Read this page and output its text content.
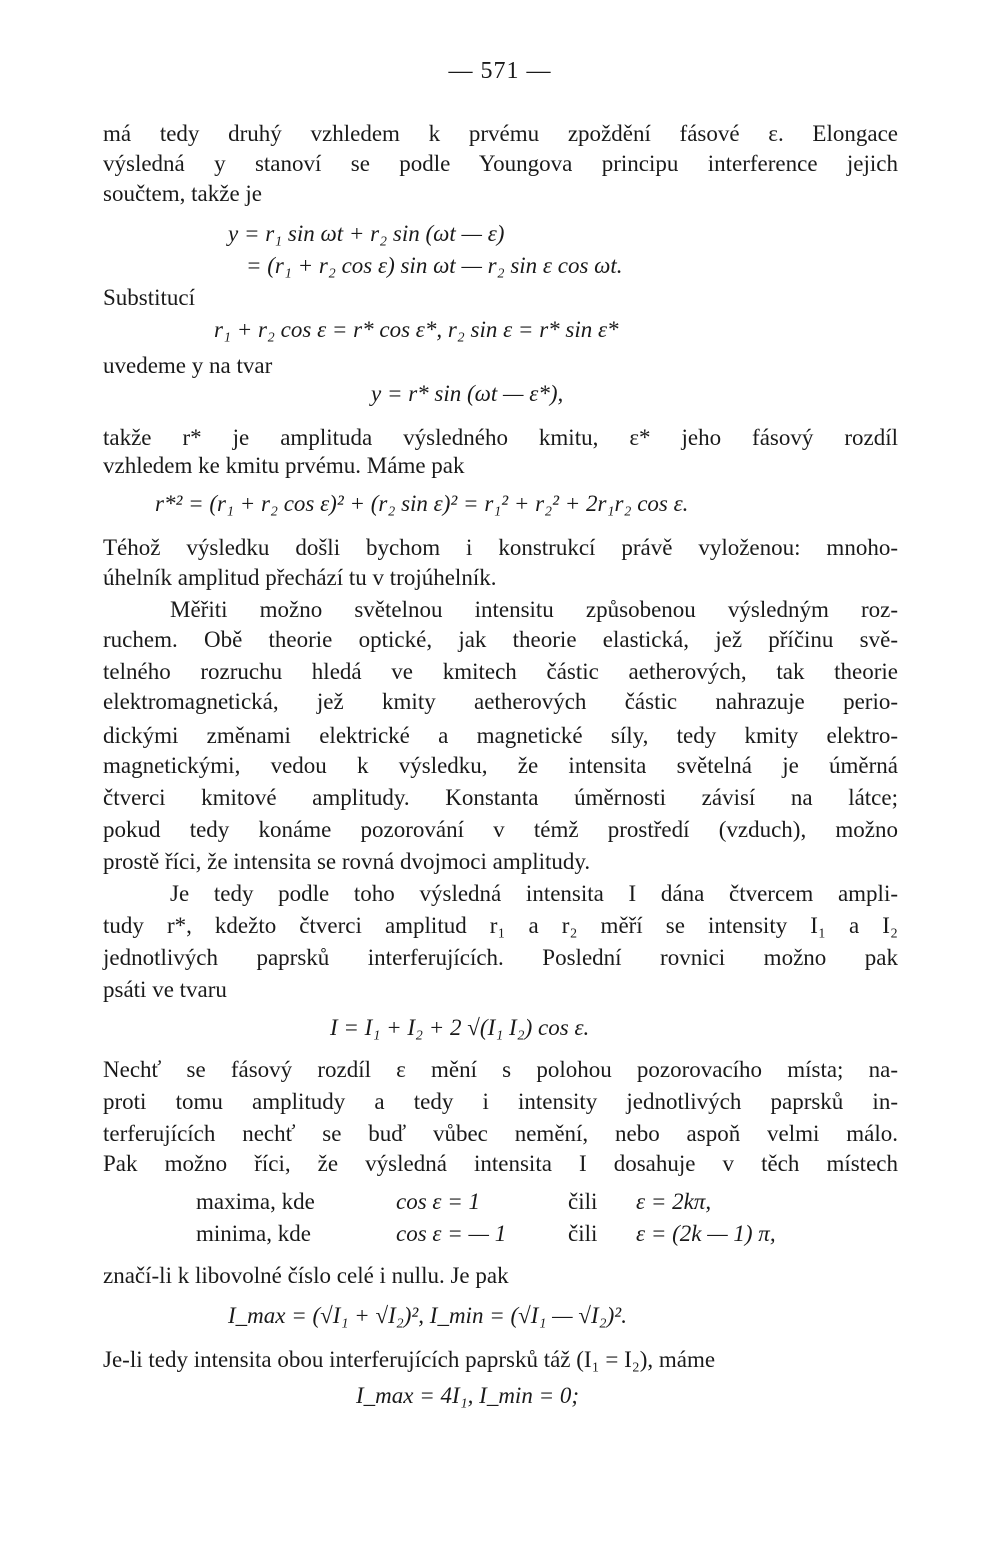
— 571 —
má tedy druhý vzhledem k prvému zpoždění fásové ε. Elongace
výsledná y stanoví se podle Youngova principu interference jejich
součtem, takže je
y = r₁ sin ωt + r₂ sin (ωt — ε)
= (r₁ + r₂ cos ε) sin ωt — r₂ sin ε cos ωt.
Substitucí
r₁ + r₂ cos ε = r* cos ε*, r₂ sin ε = r* sin ε*
uvedeme y na tvar
y = r* sin (ωt — ε*),
takže r* je amplituda výsledného kmitu, ε* jeho fásový rozdíl
vzhledem ke kmitu prvému. Máme pak
r*² = (r₁ + r₂ cos ε)² + (r₂ sin ε)² = r₁² + r₂² + 2r₁r₂ cos ε.
Téhož výsledku došli bychom i konstrukcí právě vyloženou: mnoho-
úhelník amplitud přechází tu v trojúhelník.
Měřiti možno světelnou intensitu způsobenou výsledným roz-
ruchem. Obě theorie optické, jak theorie elastická, jež příčinu svě-
telného rozruchu hledá ve kmitech částic aetherových, tak theorie
elektromagnetická, jež kmity aetherových částic nahrazuje perio-
dickými změnami elektrické a magnetické síly, tedy kmity elektro-
magnetickými, vedou k výsledku, že intensita světelná je úměrná
čtverci kmitové amplitudy. Konstanta úměrnosti závisí na látce;
pokud tedy konáme pozorování v témž prostředí (vzduch), možno
prostě říci, že intensita se rovná dvojmoci amplitudy.
Je tedy podle toho výsledná intensita I dána čtvercem ampli-
tudy r*, kdežto čtverci amplitud r₁ a r₂ měří se intensity I₁ a I₂
jednotlivých paprsků interferujících. Poslední rovnici možno pak
psáti ve tvaru
I = I₁ + I₂ + 2 √(I₁ I₂) cos ε.
Nechť se fásový rozdíl ε mění s polohou pozorovacího místa; na-
proti tomu amplitudy a tedy i intensity jednotlivých paprsků in-
terferujících nechť se buď vůbec nemění, nebo aspoň velmi málo.
Pak možno říci, že výsledná intensita I dosahuje v těch místech
maxima, kde	cos ε = 1	čili ε = 2kπ,
minima, kde	cos ε = — 1	čili ε = (2k — 1) π,
značí-li k libovolné číslo celé i nullu. Je pak
I_max = (√I₁ + √I₂)², I_min = (√I₁ — √I₂)².
Je-li tedy intensita obou interferujících paprsků táž (I₁ = I₂), máme
I_max = 4I₁, I_min = 0;
